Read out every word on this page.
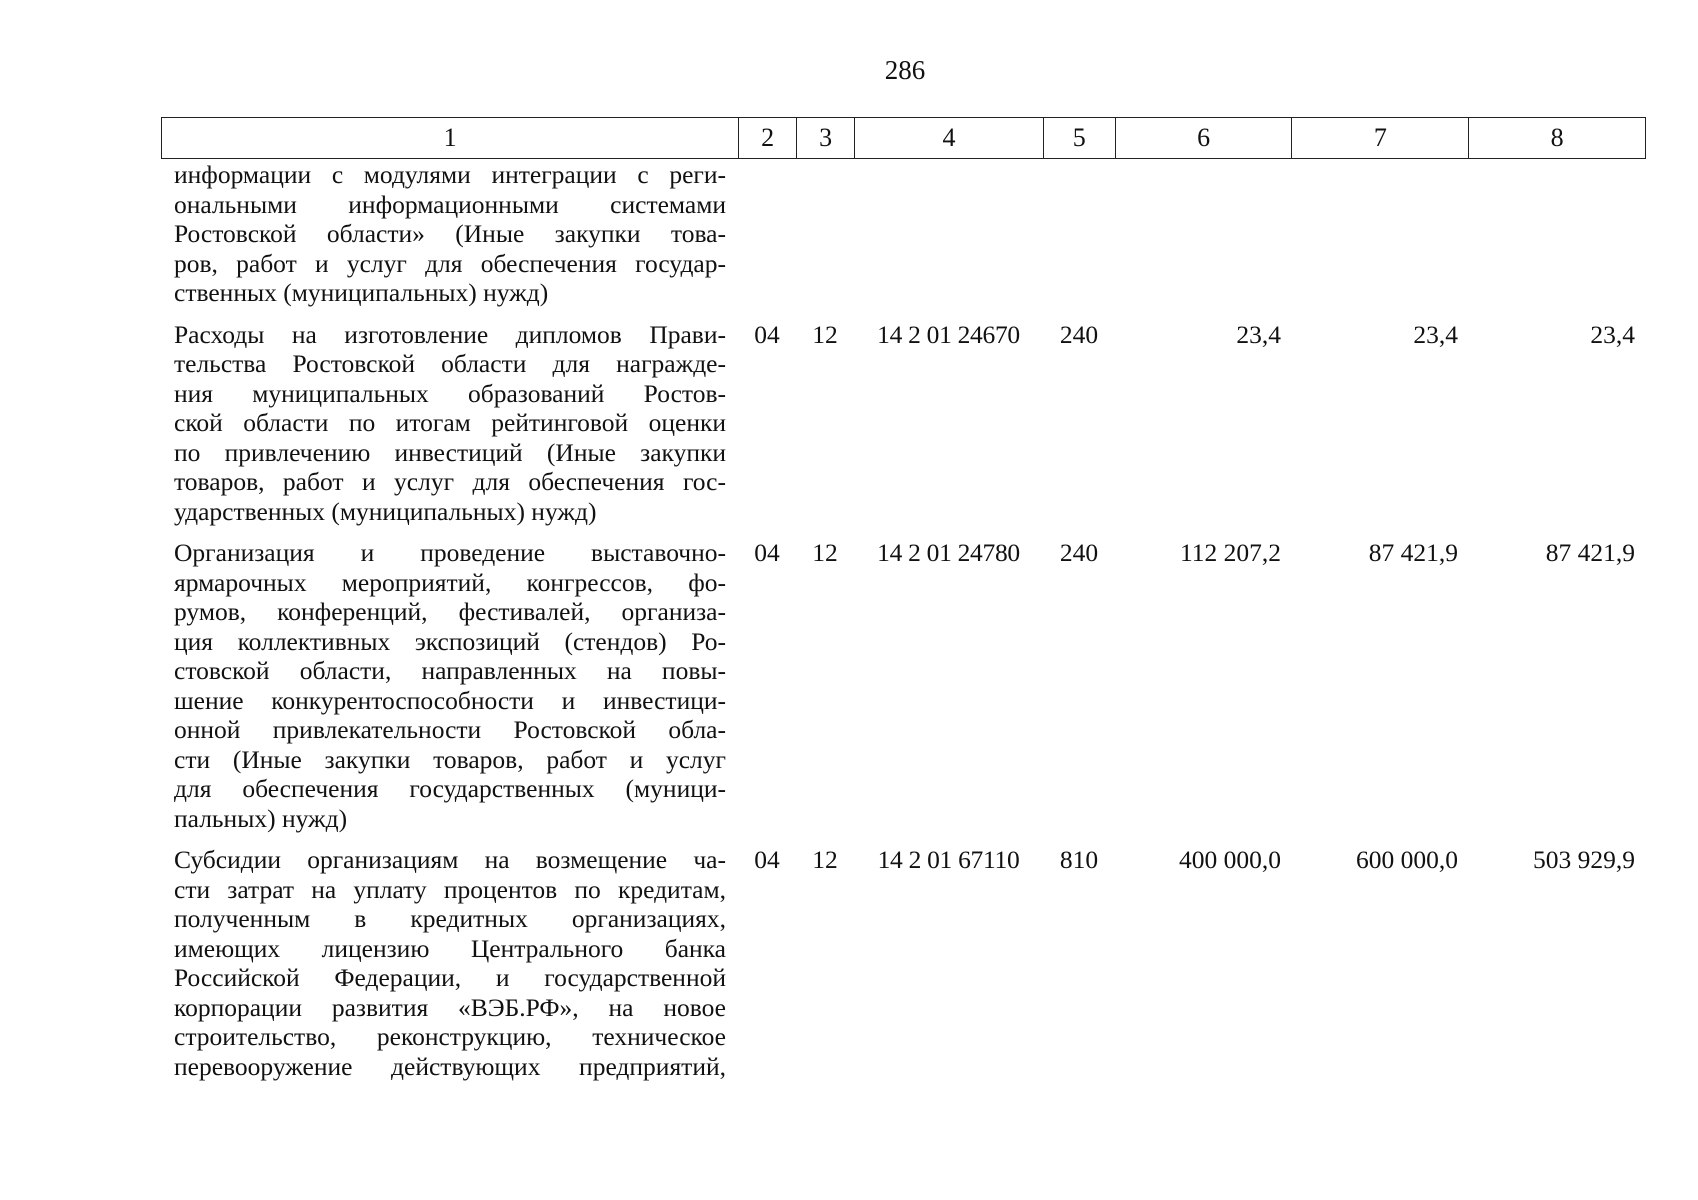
286
1	2	3	4	5	6	7	8
информации с модулями интеграции с реги-
ональными информационными системами
Ростовской области» (Иные закупки това-
ров, работ и услуг для обеспечения государ-
ственных (муниципальных) нужд)
Расходы на изготовление дипломов Прави-
тельства Ростовской области для награжде-
ния муниципальных образований Ростов-
ской области по итогам рейтинговой оценки
по привлечению инвестиций (Иные закупки
товаров, работ и услуг для обеспечения гос-
ударственных (муниципальных) нужд)
04	12	14 2 01 24670	240	23,4	23,4	23,4
Организация и проведение выставочно-
ярмарочных мероприятий, конгрессов, фо-
румов, конференций, фестивалей, организа-
ция коллективных экспозиций (стендов) Ро-
стовской области, направленных на повы-
шение конкурентоспособности и инвестици-
онной привлекательности Ростовской обла-
сти (Иные закупки товаров, работ и услуг
для обеспечения государственных (муници-
пальных) нужд)
04	12	14 2 01 24780	240	112 207,2	87 421,9	87 421,9
Субсидии организациям на возмещение ча-
сти затрат на уплату процентов по кредитам,
полученным в кредитных организациях,
имеющих лицензию Центрального банка
Российской Федерации, и государственной
корпорации развития «ВЭБ.РФ», на новое
строительство, реконструкцию, техническое
перевооружение действующих предприятий,
04	12	14 2 01 67110	810	400 000,0	600 000,0	503 929,9
